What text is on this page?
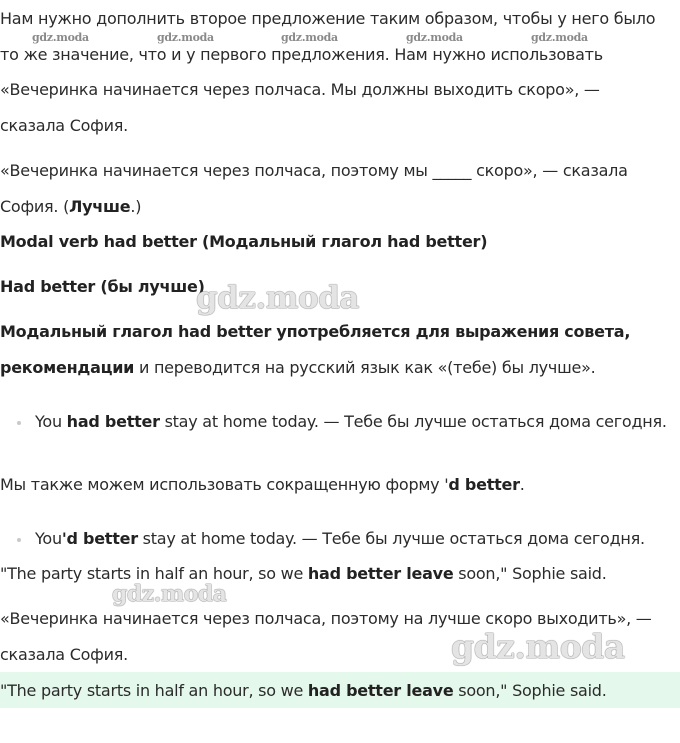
Нам нужно дополнить второе предложение таким образом, чтобы у него было
то же значение, что и у первого предложения. Нам нужно использовать
«Вечеринка начинается через полчаса. Мы должны выходить скоро», —
сказала София.
«Вечеринка начинается через полчаса, поэтому мы _____ скоро», — сказала
София. (Лучше.)
Modal verb had better (Модальный глагол had better)
Had better (бы лучше)
Модальный глагол had better употребляется для выражения совета,
рекомендации и переводится на русский язык как «(тебе) бы лучше».
You had better stay at home today. — Тебе бы лучше остаться дома сегодня.
Мы также можем использовать сокращенную форму 'd better.
You'd better stay at home today. — Тебе бы лучше остаться дома сегодня.
"The party starts in half an hour, so we had better leave soon," Sophie said.
«Вечеринка начинается через полчаса, поэтому на лучше скоро выходить», —
сказала София.
"The party starts in half an hour, so we had better leave soon," Sophie said.
gdz.moda	gdz.moda	gdz.moda	gdz.moda	gdz.moda
gdz.moda
gdz.moda
gdz.moda
